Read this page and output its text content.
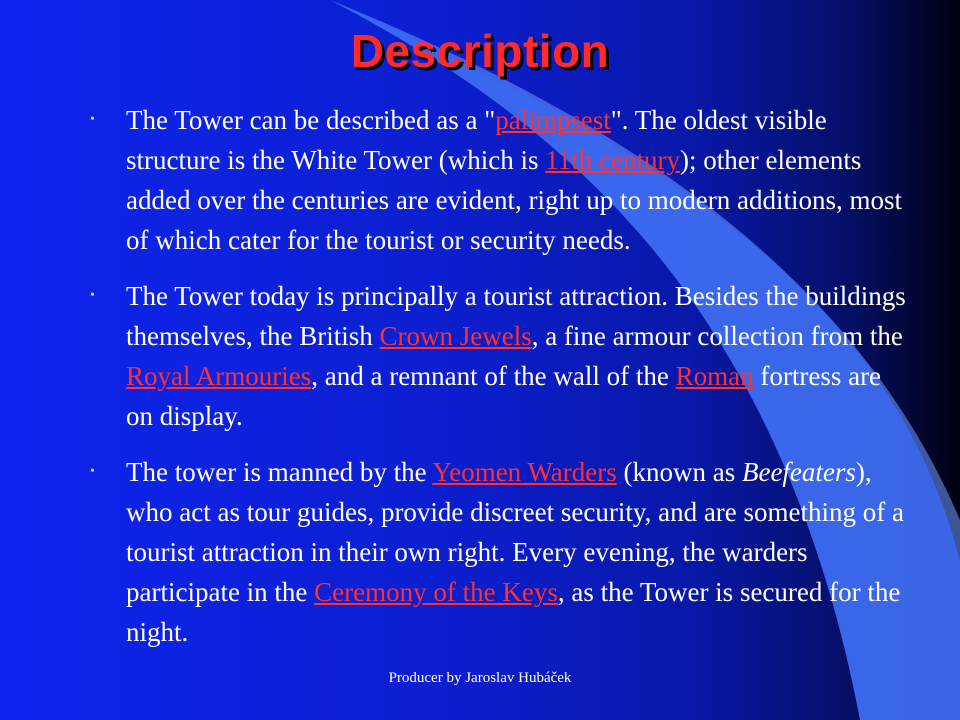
Description

• The Tower can be described as a "palimpsest". The oldest visible structure is the White Tower (which is 11th century); other elements added over the centuries are evident, right up to modern additions, most of which cater for the tourist or security needs.

• The Tower today is principally a tourist attraction. Besides the buildings themselves, the British Crown Jewels, a fine armour collection from the Royal Armouries, and a remnant of the wall of the Roman fortress are on display.

• The tower is manned by the Yeomen Warders (known as Beefeaters), who act as tour guides, provide discreet security, and are something of a tourist attraction in their own right. Every evening, the warders participate in the Ceremony of the Keys, as the Tower is secured for the night.

Producer by Jaroslav Hubáček
